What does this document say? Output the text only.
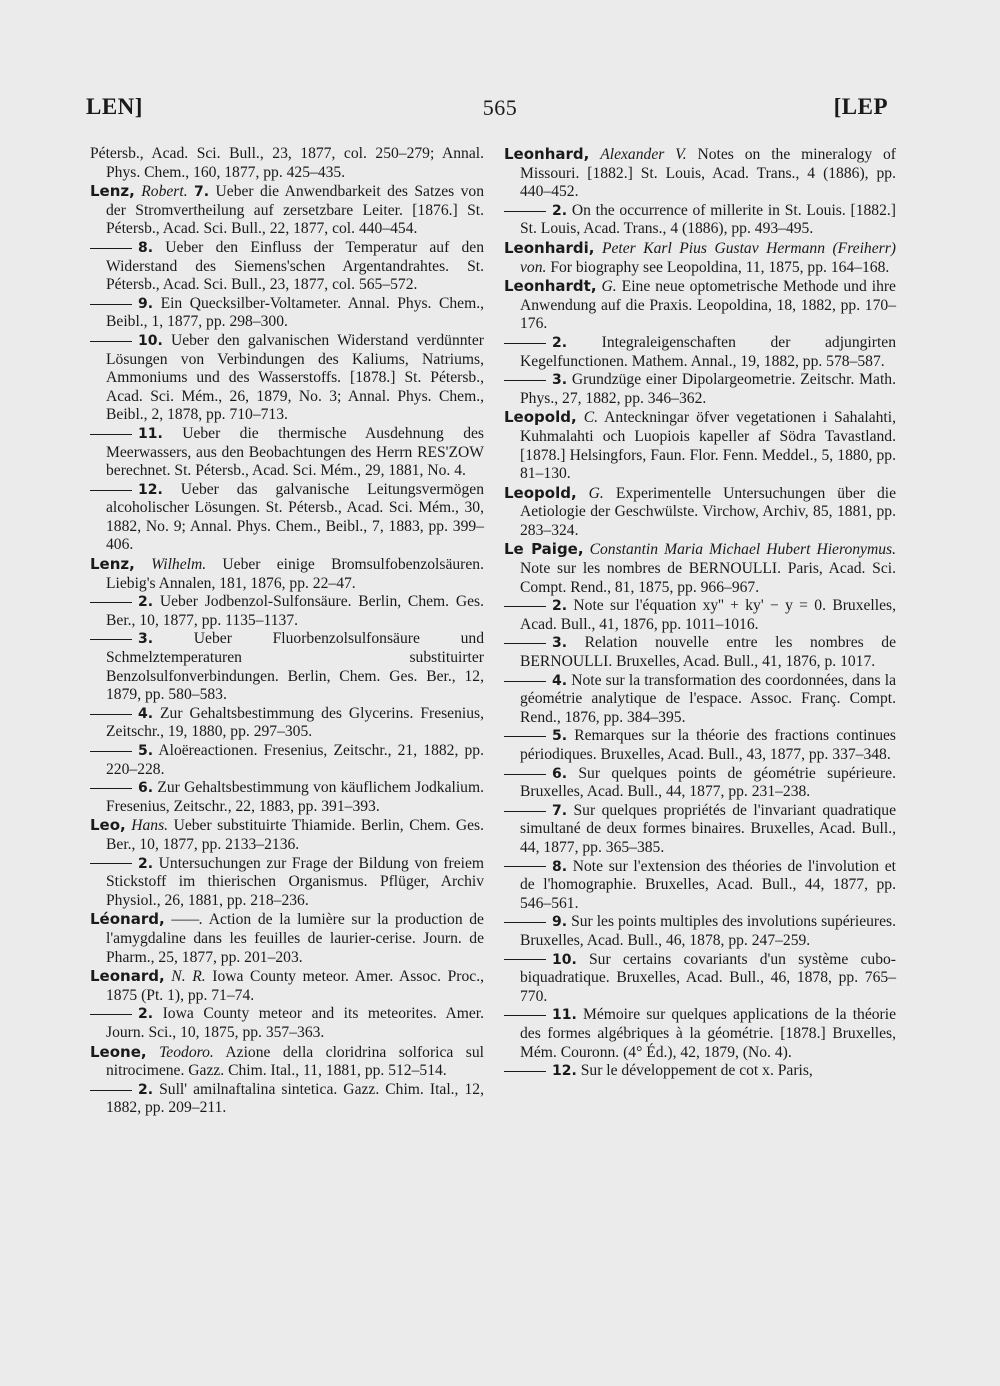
LEN]	565	[LEP

Pétersb., Acad. Sci. Bull., 23, 1877, col. 250–279; Annal. Phys. Chem., 160, 1877, pp. 425–435.

Lenz, Robert. 7. Ueber die Anwendbarkeit des Satzes von der Stromvertheilung auf zersetzbare Leiter. [1876.] St. Pétersb., Acad. Sci. Bull., 22, 1877, col. 440–454.

8. Ueber den Einfluss der Temperatur auf den Widerstand des Siemens'schen Argentandrahtes. St. Pétersb., Acad. Sci. Bull., 23, 1877, col. 565–572.

9. Ein Quecksilber-Voltameter. Annal. Phys. Chem., Beibl., 1, 1877, pp. 298–300.

10. Ueber den galvanischen Widerstand verdünnter Lösungen von Verbindungen des Kaliums, Natriums, Ammoniums und des Wasserstoffs. [1878.] St. Pétersb., Acad. Sci. Mém., 26, 1879, No. 3; Annal. Phys. Chem., Beibl., 2, 1878, pp. 710–713.

11. Ueber die thermische Ausdehnung des Meerwassers, aus den Beobachtungen des Herrn RES'ZOW berechnet. St. Pétersb., Acad. Sci. Mém., 29, 1881, No. 4.

12. Ueber das galvanische Leitungsvermögen alcoholischer Lösungen. St. Pétersb., Acad. Sci. Mém., 30, 1882, No. 9; Annal. Phys. Chem., Beibl., 7, 1883, pp. 399–406.

Lenz, Wilhelm. Ueber einige Bromsulfobenzolsäuren. Liebig's Annalen, 181, 1876, pp. 22–47.

2. Ueber Jodbenzol-Sulfonsäure. Berlin, Chem. Ges. Ber., 10, 1877, pp. 1135–1137.

3.	Ueber Fluorbenzolsulfonsäure und Schmelztemperaturen substituirter Benzolsulfonverbindungen. Berlin, Chem. Ges. Ber., 12, 1879, pp. 580–583.

4. Zur Gehaltsbestimmung des Glycerins. Fresenius, Zeitschr., 19, 1880, pp. 297–305.

5. Aloëreactionen. Fresenius, Zeitschr., 21, 1882, pp. 220–228.

6. Zur Gehaltsbestimmung von käuflichem Jodkalium. Fresenius, Zeitschr., 22, 1883, pp. 391–393.

Leo, Hans. Ueber substituirte Thiamide. Berlin, Chem. Ges. Ber., 10, 1877, pp. 2133–2136.

2. Untersuchungen zur Frage der Bildung von freiem Stickstoff im thierischen Organismus. Pflüger, Archiv Physiol., 26, 1881, pp. 218–236.

Léonard, ——. Action de la lumière sur la production de l'amygdaline dans les feuilles de laurier-cerise. Journ. de Pharm., 25, 1877, pp. 201–203.

Leonard, N. R. Iowa County meteor. Amer. Assoc. Proc., 1875 (Pt. 1), pp. 71–74.

2. Iowa County meteor and its meteorites. Amer. Journ. Sci., 10, 1875, pp. 357–363.

Leone, Teodoro. Azione della cloridrina solforica sul nitrocimene. Gazz. Chim. Ital., 11, 1881, pp. 512–514.

2. Sull' amilnaftalina sintetica. Gazz. Chim. Ital., 12, 1882, pp. 209–211.

Leonhard, Alexander V. Notes on the mineralogy of Missouri. [1882.] St. Louis, Acad. Trans., 4 (1886), pp. 440–452.

2. On the occurrence of millerite in St. Louis. [1882.] St. Louis, Acad. Trans., 4 (1886), pp. 493–495.

Leonhardi, Peter Karl Pius Gustav Hermann (Freiherr) von. For biography see Leopoldina, 11, 1875, pp. 164–168.

Leonhardt, G. Eine neue optometrische Methode und ihre Anwendung auf die Praxis. Leopoldina, 18, 1882, pp. 170–176.

2. Integraleigenschaften der adjungirten Kegelfunctionen. Mathem. Annal., 19, 1882, pp. 578–587.

3. Grundzüge einer Dipolargeometrie. Zeitschr. Math. Phys., 27, 1882, pp. 346–362.

Leopold, C. Anteckningar öfver vegetationen i Sahalahti, Kuhmalahti och Luopiois kapeller af Södra Tavastland. [1878.] Helsingfors, Faun. Flor. Fenn. Meddel., 5, 1880, pp. 81–130.

Leopold, G. Experimentelle Untersuchungen über die Aetiologie der Geschwülste. Virchow, Archiv, 85, 1881, pp. 283–324.

Le Paige, Constantin Maria Michael Hubert Hieronymus. Note sur les nombres de BERNOULLI. Paris, Acad. Sci. Compt. Rend., 81, 1875, pp. 966–967.

2. Note sur l'équation xy'' + ky' − y = 0. Bruxelles, Acad. Bull., 41, 1876, pp. 1011–1016.

3. Relation nouvelle entre les nombres de BERNOULLI. Bruxelles, Acad. Bull., 41, 1876, p. 1017.

4. Note sur la transformation des coordonnées, dans la géométrie analytique de l'espace. Assoc. Franç. Compt. Rend., 1876, pp. 384–395.

5. Remarques sur la théorie des fractions continues périodiques. Bruxelles, Acad. Bull., 43, 1877, pp. 337–348.

6. Sur quelques points de géométrie supérieure. Bruxelles, Acad. Bull., 44, 1877, pp. 231–238.

7. Sur quelques propriétés de l'invariant quadratique simultané de deux formes binaires. Bruxelles, Acad. Bull., 44, 1877, pp. 365–385.

8. Note sur l'extension des théories de l'involution et de l'homographie. Bruxelles, Acad. Bull., 44, 1877, pp. 546–561.

9. Sur les points multiples des involutions supérieures. Bruxelles, Acad. Bull., 46, 1878, pp. 247–259.

10. Sur certains covariants d'un système cubo-biquadratique. Bruxelles, Acad. Bull., 46, 1878, pp. 765–770.

11. Mémoire sur quelques applications de la théorie des formes algébriques à la géométrie. [1878.] Bruxelles, Mém. Couronn. (4° Éd.), 42, 1879, (No. 4).

12. Sur le développement de cot x. Paris,
